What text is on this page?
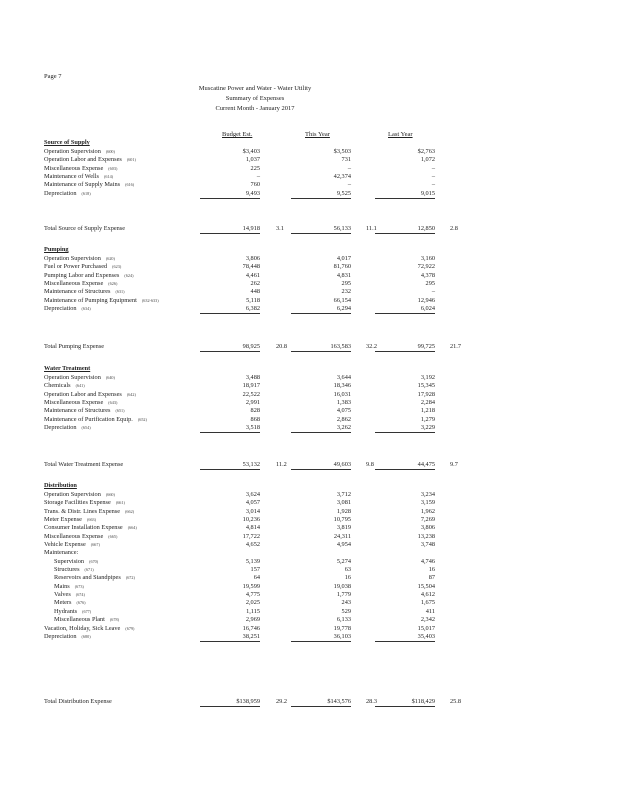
Page 7
Muscatine Power and Water - Water Utility
Summary of Expenses
Current Month - January 2017
Budget Est.	This Year	Last Year
Source of Supply
Operation Supervision (600)	$3,403	$3,503	$2,763
Operation Labor and Expenses (601)	1,037	731	1,072
Miscellaneous Expense (603)	225	–	–
Maintenance of Wells (614)	–	42,374	–
Maintenance of Supply Mains (616)	760	–	–
Depreciation (618)	9,493	9,525	9,015
Total Source of Supply Expense	14,918	3.1	56,133 11.1	12,850 2.8
Pumping
Operation Supervision (620)	3,806	4,017	3,160
Fuel or Power Purchased (623)	78,448	81,760	72,922
Pumping Labor and Expenses (624)	4,461	4,831	4,378
Miscellaneous Expense (626)	262	295	295
Maintenance of Structures (631)	448	232	–
Maintenance of Pumping Equipment (632-633)	5,118	66,154	12,946
Depreciation (634)	6,382	6,294	6,024
Total Pumping Expense	98,925	20.8	163,583 32.2	99,725 21.7
Water Treatment
Operation Supervision (640)	3,488	3,644	3,192
Chemicals (641)	18,917	18,346	15,345
Operation Labor and Expenses (642)	22,522	16,031	17,928
Miscellaneous Expense (643)	2,991	1,383	2,284
Maintenance of Structures (651)	828	4,075	1,218
Maintenance of Purification Equip. (652)	868	2,862	1,279
Depreciation (654)	3,518	3,262	3,229
Total Water Treatment Expense	53,132	11.2	49,603 9.8	44,475 9.7
Distribution
Operation Supervision (660)	3,624	3,712	3,234
Storage Facilities Expense (661)	4,057	3,081	3,159
Trans. & Distr. Lines Expense (662)	3,014	1,928	1,962
Meter Expense (663)	10,236	10,795	7,269
Consumer Installation Expense (664)	4,814	3,819	3,806
Miscellaneous Expense (665)	17,722	24,311	13,238
Vehicle Expense (667)	4,652	4,954	3,748
Maintenance:
Supervision (670)	5,139	5,274	4,746
Structures (671)	157	63	16
Reservoirs and Standpipes (672)	64	16	87
Mains (673)	19,599	19,038	15,504
Valves (674)	4,775	1,779	4,612
Meters (676)	2,025	243	1,675
Hydrants (677)	1,115	529	411
Miscellaneous Plant (678)	2,969	6,133	2,342
Vacation, Holiday, Sick Leave (679)	16,746	19,778	15,017
Depreciation (680)	38,251	36,103	35,403
Total Distribution Expense	$138,959	29.2	$143,576 28.3	$118,429 25.8
